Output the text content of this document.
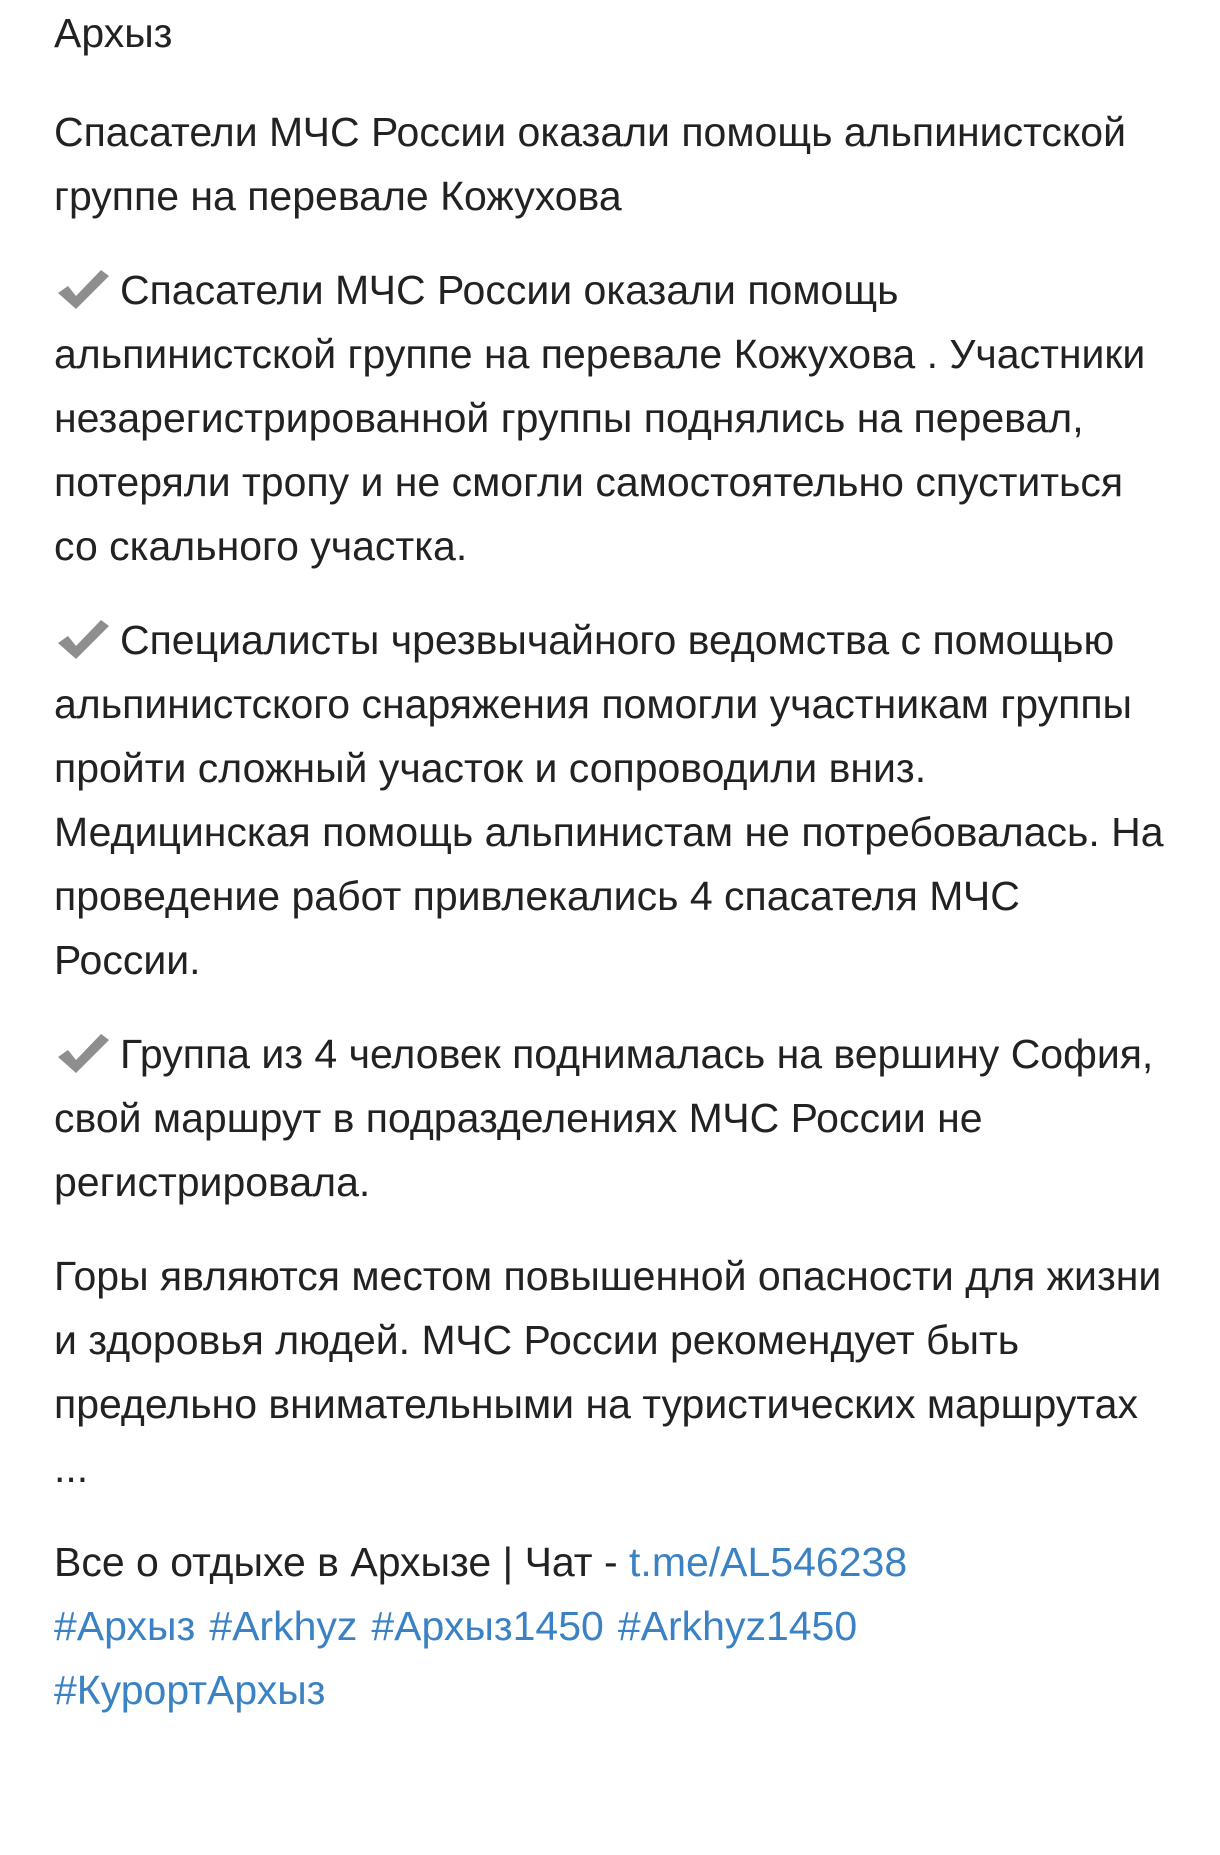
Архыз
Спасатели МЧС России оказали помощь альпинистской группе на перевале Кожухова
Спасатели МЧС России оказали помощь альпинистской группе на перевале Кожухова . Участники незарегистрированной группы поднялись на перевал, потеряли тропу и не смогли самостоятельно спуститься со скального участка.
Специалисты чрезвычайного ведомства с помощью альпинистского снаряжения помогли участникам группы пройти сложный участок и сопроводили вниз. Медицинская помощь альпинистам не потребовалась. На проведение работ привлекались 4 спасателя МЧС России.
Группа из 4 человек поднималась на вершину София, свой маршрут в подразделениях МЧС России не регистрировала.
Горы являются местом повышенной опасности для жизни и здоровья людей. МЧС России рекомендует быть предельно внимательными на туристических маршрутах ...
Все о отдыхе в Архызе | Чат - t.me/AL546238
#Архыз #Arkhyz #Архыз1450 #Arkhyz1450
#КурортАрхыз
